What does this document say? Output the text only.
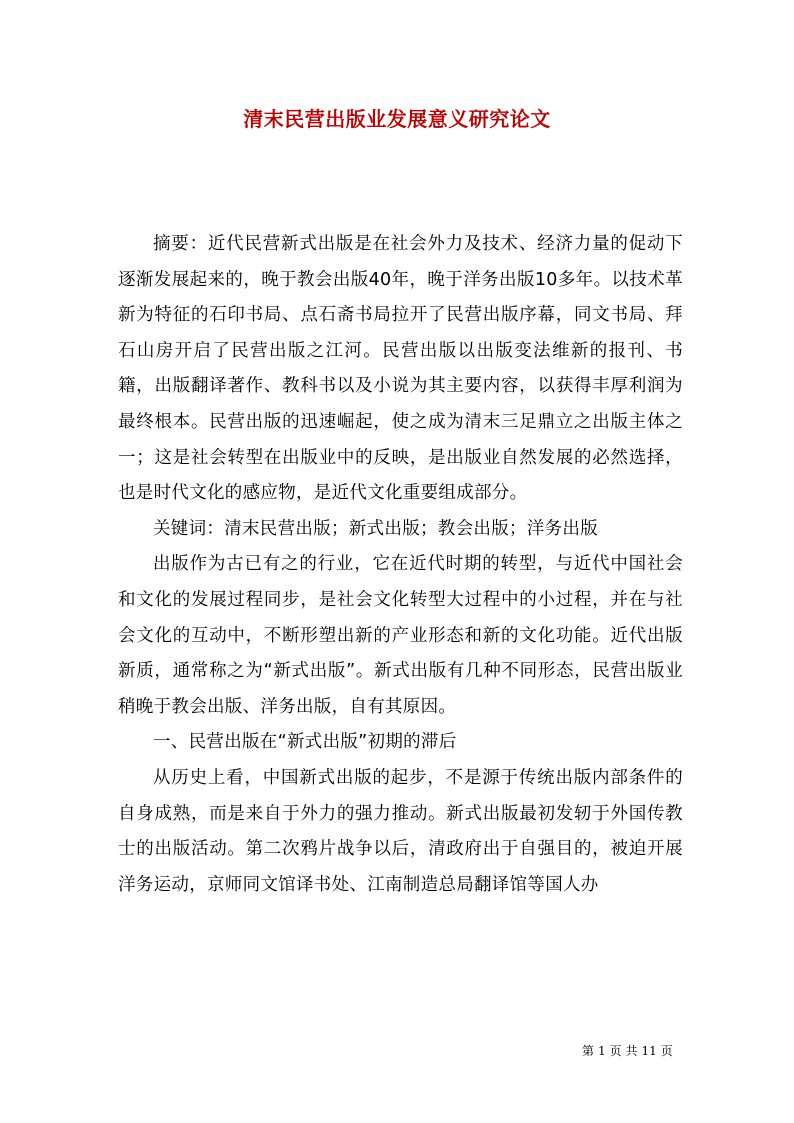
清末民营出版业发展意义研究论文

摘要：近代民营新式出版是在社会外力及技术、经济力量的促动下逐渐发展起来的，晚于教会出版40年，晚于洋务出版10多年。以技术革新为特征的石印书局、点石斋书局拉开了民营出版序幕，同文书局、拜石山房开启了民营出版之江河。民营出版以出版变法维新的报刊、书籍，出版翻译著作、教科书以及小说为其主要内容，以获得丰厚利润为最终根本。民营出版的迅速崛起，使之成为清末三足鼎立之出版主体之一；这是社会转型在出版业中的反映，是出版业自然发展的必然选择，也是时代文化的感应物，是近代文化重要组成部分。

关键词：清末民营出版；新式出版；教会出版；洋务出版

出版作为古已有之的行业，它在近代时期的转型，与近代中国社会和文化的发展过程同步，是社会文化转型大过程中的小过程，并在与社会文化的互动中，不断形塑出新的产业形态和新的文化功能。近代出版新质，通常称之为“新式出版”。新式出版有几种不同形态，民营出版业稍晚于教会出版、洋务出版，自有其原因。

一、民营出版在“新式出版”初期的滞后

从历史上看，中国新式出版的起步，不是源于传统出版内部条件的自身成熟，而是来自于外力的强力推动。新式出版最初发轫于外国传教士的出版活动。第二次鸦片战争以后，清政府出于自强目的，被迫开展洋务运动，京师同文馆译书处、江南制造总局翻译馆等国人办

第 1 页 共 11 页
